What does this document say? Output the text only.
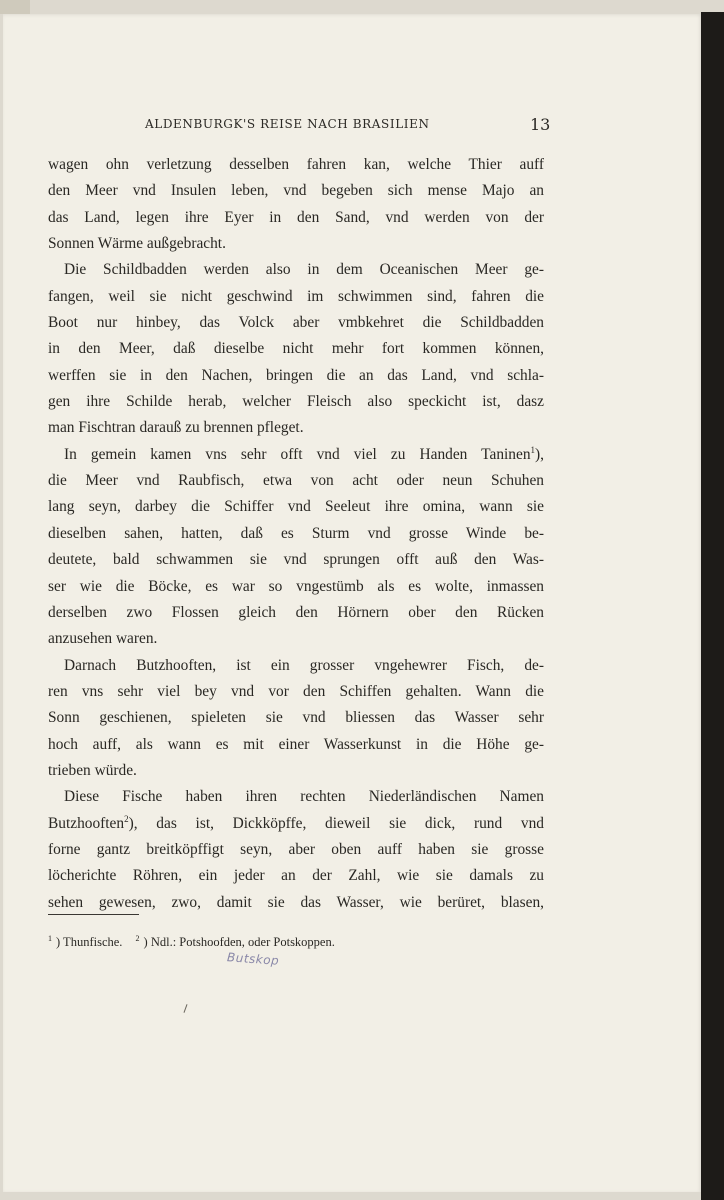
ALDENBURGK'S REISE NACH BRASILIEN	13
wagen ohn verletzung desselben fahren kan, welche Thier auff
den Meer vnd Insulen leben, vnd begeben sich mense Majo an
das Land, legen ihre Eyer in den Sand, vnd werden von der
Sonnen Wärme außgebracht.
Die Schildbadden werden also in dem Oceanischen Meer ge-
fangen, weil sie nicht geschwind im schwimmen sind, fahren die
Boot nur hinbey, das Volck aber vmbkehret die Schildbadden
in den Meer, daß dieselbe nicht mehr fort kommen können,
werffen sie in den Nachen, bringen die an das Land, vnd schla-
gen ihre Schilde herab, welcher Fleisch also speckicht ist, dasz
man Fischtran darauß zu brennen pfleget.
In gemein kamen vns sehr offt vnd viel zu Handen Taninen$^1$),
die Meer vnd Raubfisch, etwa von acht oder neun Schuhen
lang seyn, darbey die Schiffer vnd Seeleut ihre omina, wann sie
dieselben sahen, hatten, daß es Sturm vnd grosse Winde be-
deutete, bald schwammen sie vnd sprungen offt auß den Was-
ser wie die Böcke, es war so vngestümb als es wolte, inmassen
derselben zwo Flossen gleich den Hörnern ober den Rücken
anzusehen waren.
Darnach Butzhooften, ist ein grosser vngehewrer Fisch, de-
ren vns sehr viel bey vnd vor den Schiffen gehalten. Wann die
Sonn geschienen, spieleten sie vnd bliessen das Wasser sehr
hoch auff, als wann es mit einer Wasserkunst in die Höhe ge-
trieben würde.
Diese Fische haben ihren rechten Niederländischen Namen
Butzhooften$^2$), das ist, Dickköpffe, dieweil sie dick, rund vnd
forne gantz breitköpffigt seyn, aber oben auff haben sie grosse
löcherichte Röhren, ein jeder an der Zahl, wie sie damals zu
sehen gewesen, zwo, damit sie das Wasser, wie berüret, blasen,
$^1$ ) Thunfische. $^2$ ) Ndl.: Potshoofden, oder Potskoppen.
Butskop
